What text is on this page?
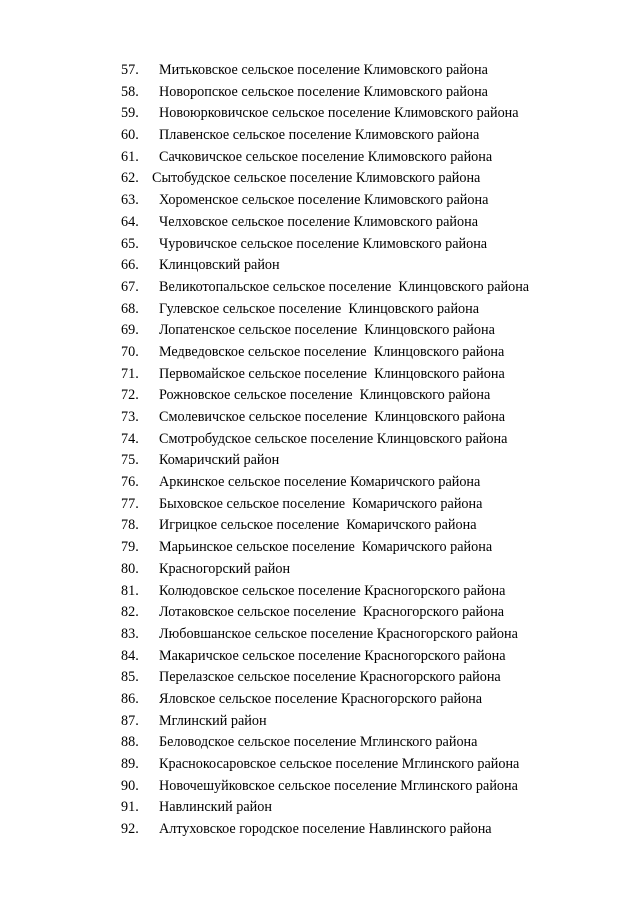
57. Митьковское сельское поселение Климовского района
58. Новоропское сельское поселение Климовского района
59. Новоюрковичское сельское поселение Климовского района
60. Плавенское сельское поселение Климовского района
61. Сачковичское сельское поселение Климовского района
62. Сытобудское сельское поселение Климовского района
63. Хороменское сельское поселение Климовского района
64. Челховское сельское поселение Климовского района
65. Чуровичское сельское поселение Климовского района
66. Клинцовский район
67. Великотопальское сельское поселение  Клинцовского района
68. Гулевское сельское поселение  Клинцовского района
69. Лопатенское сельское поселение  Клинцовского района
70. Медведовское сельское поселение  Клинцовского района
71. Первомайское сельское поселение  Клинцовского района
72. Рожновское сельское поселение  Клинцовского района
73. Смолевичское сельское поселение  Клинцовского района
74. Смотробудское сельское поселение Клинцовского района
75. Комаричский район
76. Аркинское сельское поселение Комаричского района
77. Быховское сельское поселение  Комаричского района
78. Игрицкое сельское поселение  Комаричского района
79. Марьинское сельское поселение  Комаричского района
80. Красногорский район
81. Колюдовское сельское поселение Красногорского района
82. Лотаковское сельское поселение  Красногорского района
83. Любовшанское сельское поселение Красногорского района
84. Макаричское сельское поселение Красногорского района
85. Перелазское сельское поселение Красногорского района
86. Яловское сельское поселение Красногорского района
87. Мглинский район
88. Беловодское сельское поселение Мглинского района
89. Краснокосаровское сельское поселение Мглинского района
90. Новочешуйковское сельское поселение Мглинского района
91. Навлинский район
92. Алтуховское городское поселение Навлинского района
